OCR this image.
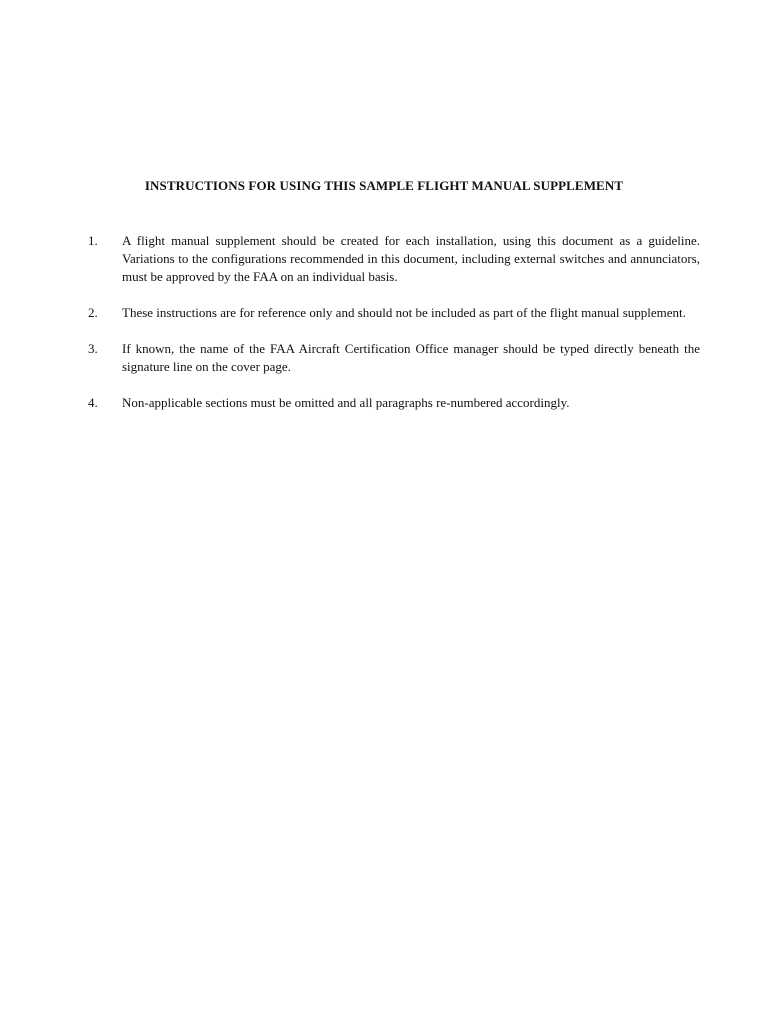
INSTRUCTIONS FOR USING THIS SAMPLE FLIGHT MANUAL SUPPLEMENT
1.	A flight manual supplement should be created for each installation, using this document as a guideline. Variations to the configurations recommended in this document, including external switches and annunciators, must be approved by the FAA on an individual basis.
2.	These instructions are for reference only and should not be included as part of the flight manual supplement.
3.	If known, the name of the FAA Aircraft Certification Office manager should be typed directly beneath the signature line on the cover page.
4.	Non-applicable sections must be omitted and all paragraphs re-numbered accordingly.
